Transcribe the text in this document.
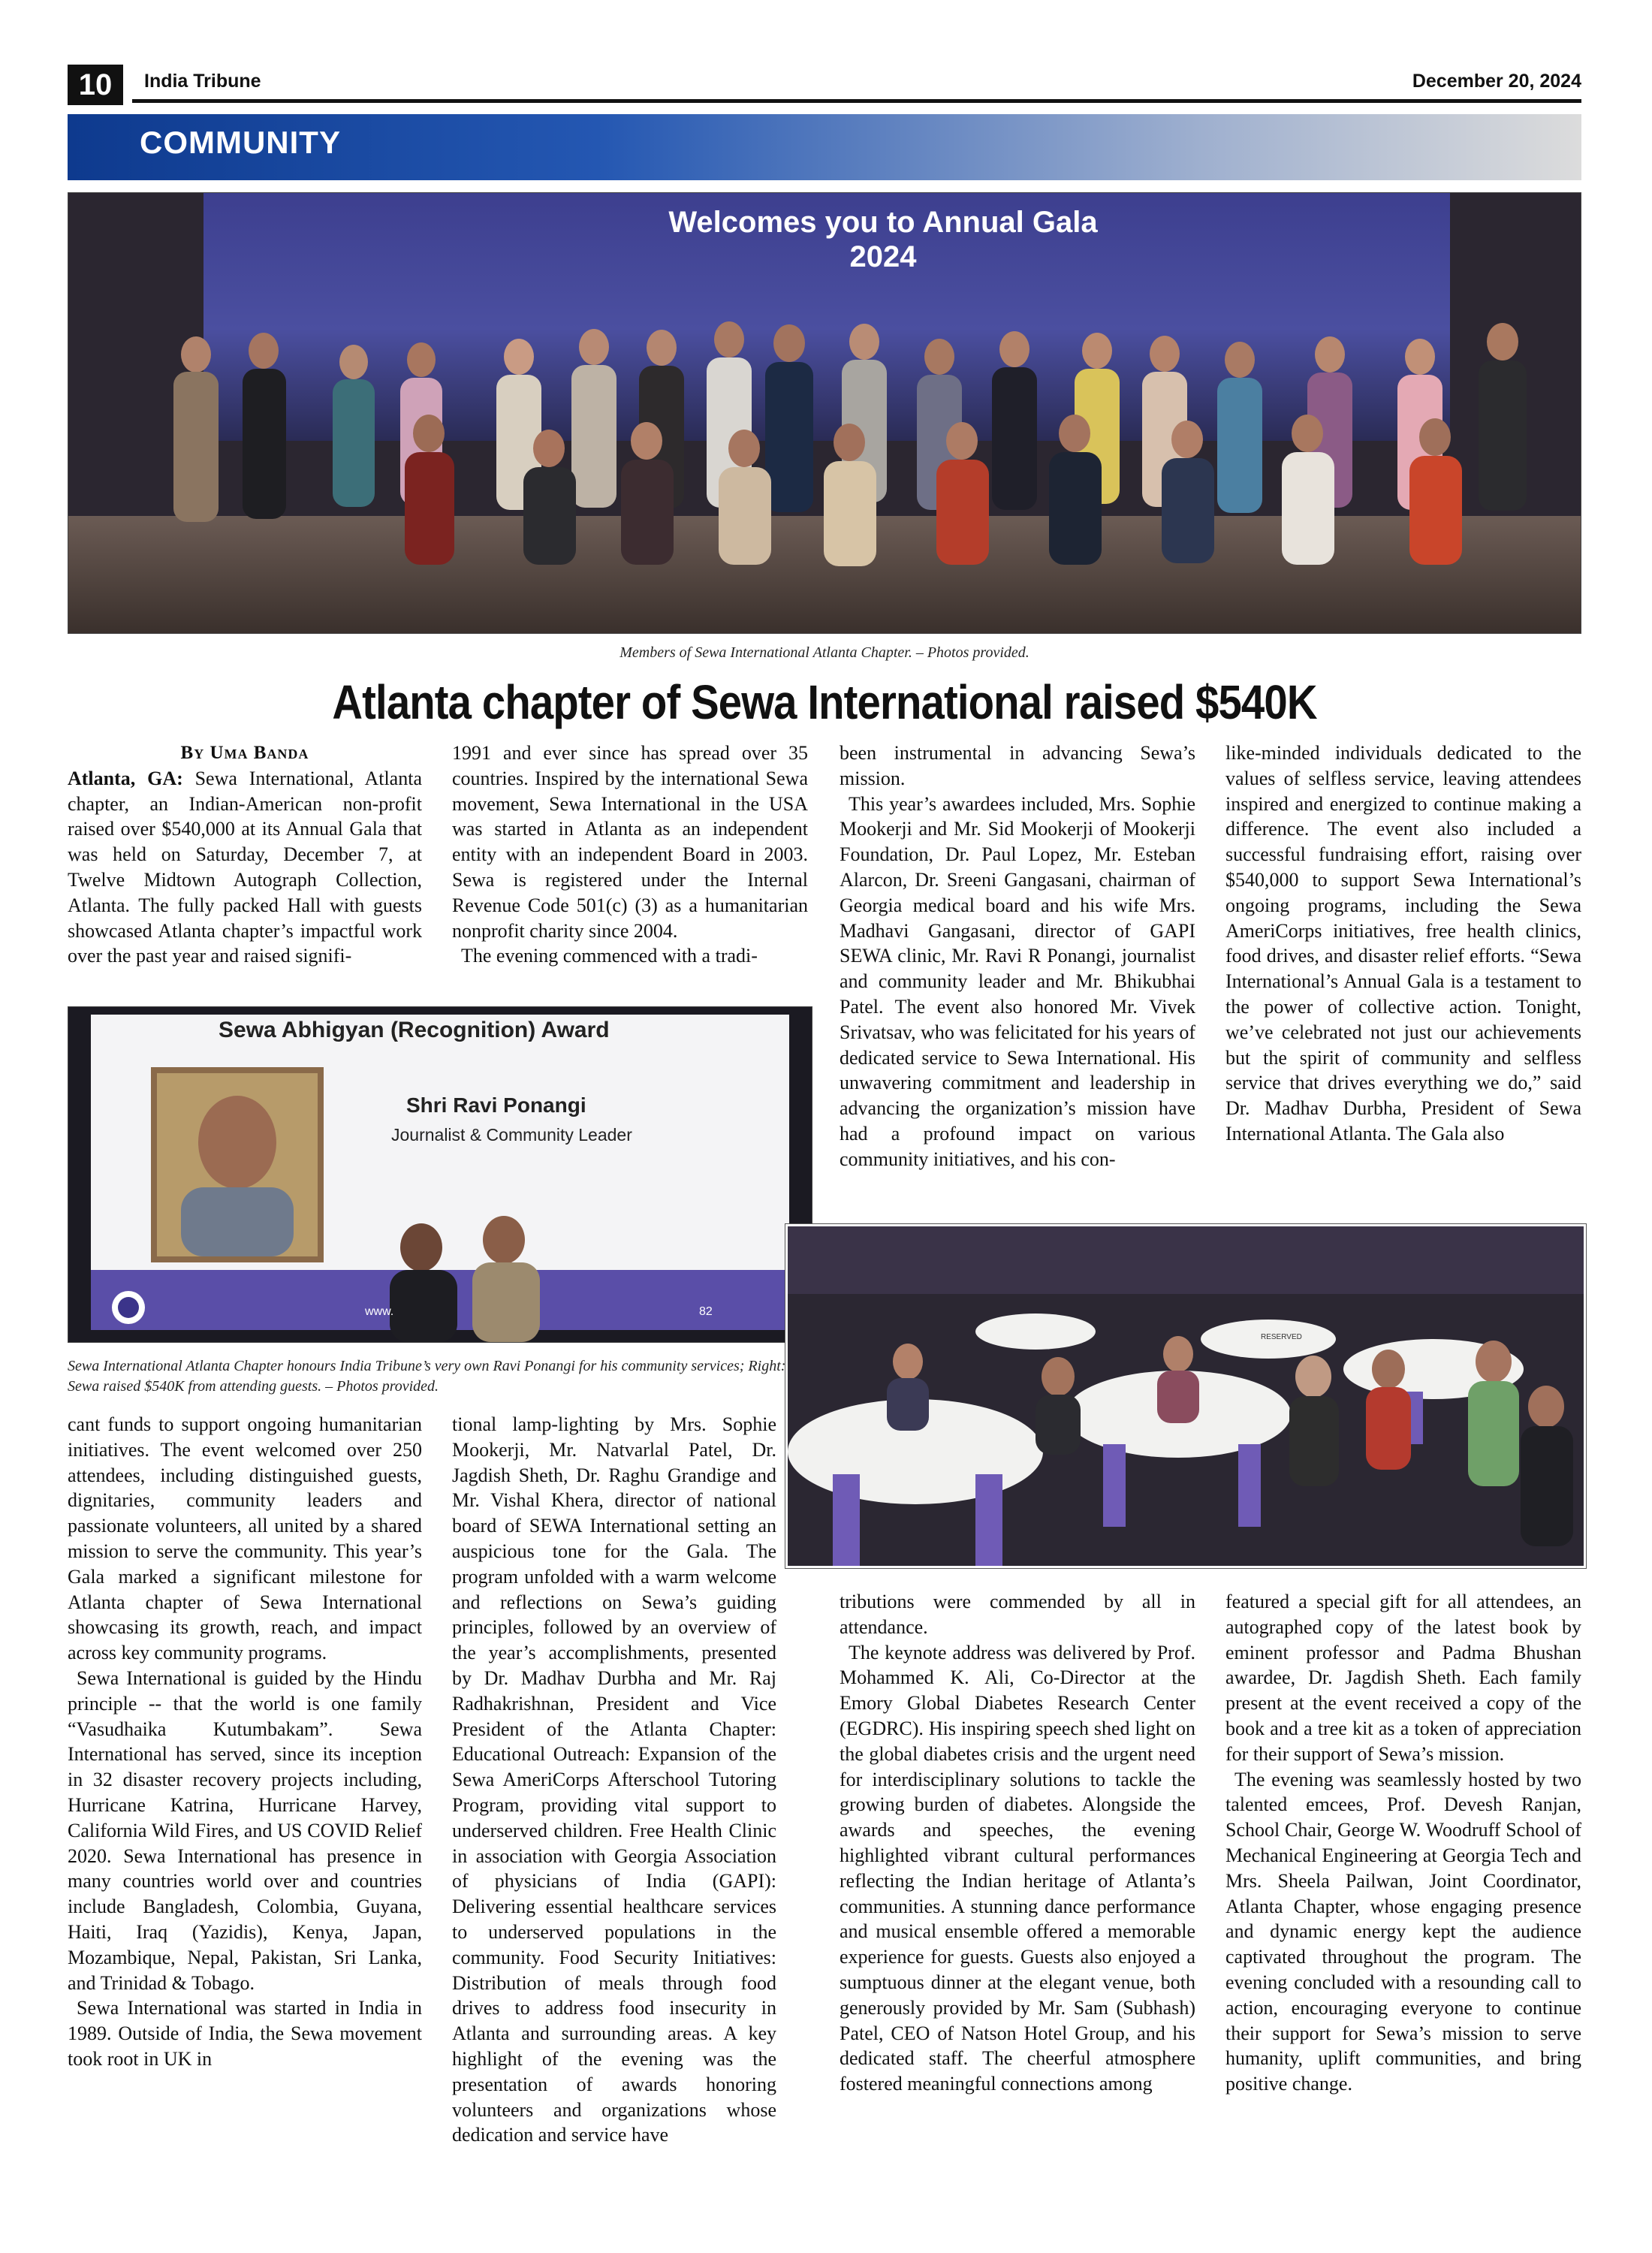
10	India Tribune	December 20, 2024
COMMUNITY
Welcomes you to Annual Gala
2024
Members of Sewa International Atlanta Chapter. – Photos provided.
Atlanta chapter of Sewa International raised $540K
By Uma Banda

Atlanta, GA: Sewa International, Atlanta chapter, an Indian-American non-profit raised over $540,000 at its Annual Gala that was held on Saturday, December 7, at Twelve Midtown Autograph Collection, Atlanta. The fully packed Hall with guests showcased Atlanta chapter’s impactful work over the past year and raised signifi-

1991 and ever since has spread over 35 countries. Inspired by the international Sewa movement, Sewa International in the USA was started in Atlanta as an independent entity with an independent Board in 2003. Sewa is registered under the Internal Revenue Code 501(c) (3) as a humanitarian nonprofit charity since 2004.

The evening commenced with a tradi-

been instrumental in advancing Sewa’s mission.

This year’s awardees included, Mrs. Sophie Mookerji and Mr. Sid Mookerji of Mookerji Foundation, Dr. Paul Lopez, Mr. Esteban Alarcon, Dr. Sreeni Gangasani, chairman of Georgia medical board and his wife Mrs. Madhavi Gangasani, director of GAPI SEWA clinic, Mr. Ravi R Ponangi, journalist and community leader and Mr. Bhikubhai Patel. The event also honored Mr. Vivek Srivatsav, who was felicitated for his years of dedicated service to Sewa International. His unwavering commitment and leadership in advancing the organization’s mission have had a profound impact on various community initiatives, and his con-

like-minded individuals dedicated to the values of selfless service, leaving attendees inspired and energized to continue making a difference. The event also included a successful fundraising effort, raising over $540,000 to support Sewa International’s ongoing programs, including the Sewa AmeriCorps initiatives, free health clinics, food drives, and disaster relief efforts. “Sewa International’s Annual Gala is a testament to the power of collective action. Tonight, we’ve celebrated not just our achievements but the spirit of community and selfless service that drives everything we do,” said Dr. Madhav Durbha, President of Sewa International Atlanta. The Gala also

Sewa Abhigyan (Recognition) Award
Shri Ravi Ponangi
Journalist & Community Leader
www.	82
RESERVED
Sewa International Atlanta Chapter honours India Tribune’s very own Ravi Ponangi for his community services; Right: Sewa raised $540K from attending guests. – Photos provided.

cant funds to support ongoing humanitarian initiatives. The event welcomed over 250 attendees, including distinguished guests, dignitaries, community leaders and passionate volunteers, all united by a shared mission to serve the community. This year’s Gala marked a significant milestone for Atlanta chapter of Sewa International showcasing its growth, reach, and impact across key community programs.

Sewa International is guided by the Hindu principle -- that the world is one family “Vasudhaika Kutumbakam”. Sewa International has served, since its inception in 32 disaster recovery projects including, Hurricane Katrina, Hurricane Harvey, California Wild Fires, and US COVID Relief 2020. Sewa International has presence in many countries world over and countries include Bangladesh, Colombia, Guyana, Haiti, Iraq (Yazidis), Kenya, Japan, Mozambique, Nepal, Pakistan, Sri Lanka, and Trinidad & Tobago.

Sewa International was started in India in 1989. Outside of India, the Sewa movement took root in UK in

tional lamp-lighting by Mrs. Sophie Mookerji, Mr. Natvarlal Patel, Dr. Jagdish Sheth, Dr. Raghu Grandige and Mr. Vishal Khera, director of national board of SEWA International setting an auspicious tone for the Gala. The program unfolded with a warm welcome and reflections on Sewa’s guiding principles, followed by an overview of the year’s accomplishments, presented by Dr. Madhav Durbha and Mr. Raj Radhakrishnan, President and Vice President of the Atlanta Chapter: Educational Outreach: Expansion of the Sewa AmeriCorps Afterschool Tutoring Program, providing vital support to underserved children. Free Health Clinic in association with Georgia Association of physicians of India (GAPI): Delivering essential healthcare services to underserved populations in the community. Food Security Initiatives: Distribution of meals through food drives to address food insecurity in Atlanta and surrounding areas. A key highlight of the evening was the presentation of awards honoring volunteers and organizations whose dedication and service have

tributions were commended by all in attendance.

The keynote address was delivered by Prof. Mohammed K. Ali, Co-Director at the Emory Global Diabetes Research Center (EGDRC). His inspiring speech shed light on the global diabetes crisis and the urgent need for interdisciplinary solutions to tackle the growing burden of diabetes. Alongside the awards and speeches, the evening highlighted vibrant cultural performances reflecting the Indian heritage of Atlanta’s communities. A stunning dance performance and musical ensemble offered a memorable experience for guests. Guests also enjoyed a sumptuous dinner at the elegant venue, both generously provided by Mr. Sam (Subhash) Patel, CEO of Natson Hotel Group, and his dedicated staff. The cheerful atmosphere fostered meaningful connections among

featured a special gift for all attendees, an autographed copy of the latest book by eminent professor and Padma Bhushan awardee, Dr. Jagdish Sheth. Each family present at the event received a copy of the book and a tree kit as a token of appreciation for their support of Sewa’s mission.

The evening was seamlessly hosted by two talented emcees, Prof. Devesh Ranjan, School Chair, George W. Woodruff School of Mechanical Engineering at Georgia Tech and Mrs. Sheela Pailwan, Joint Coordinator, Atlanta Chapter, whose engaging presence and dynamic energy kept the audience captivated throughout the program. The evening concluded with a resounding call to action, encouraging everyone to continue their support for Sewa’s mission to serve humanity, uplift communities, and bring positive change.
